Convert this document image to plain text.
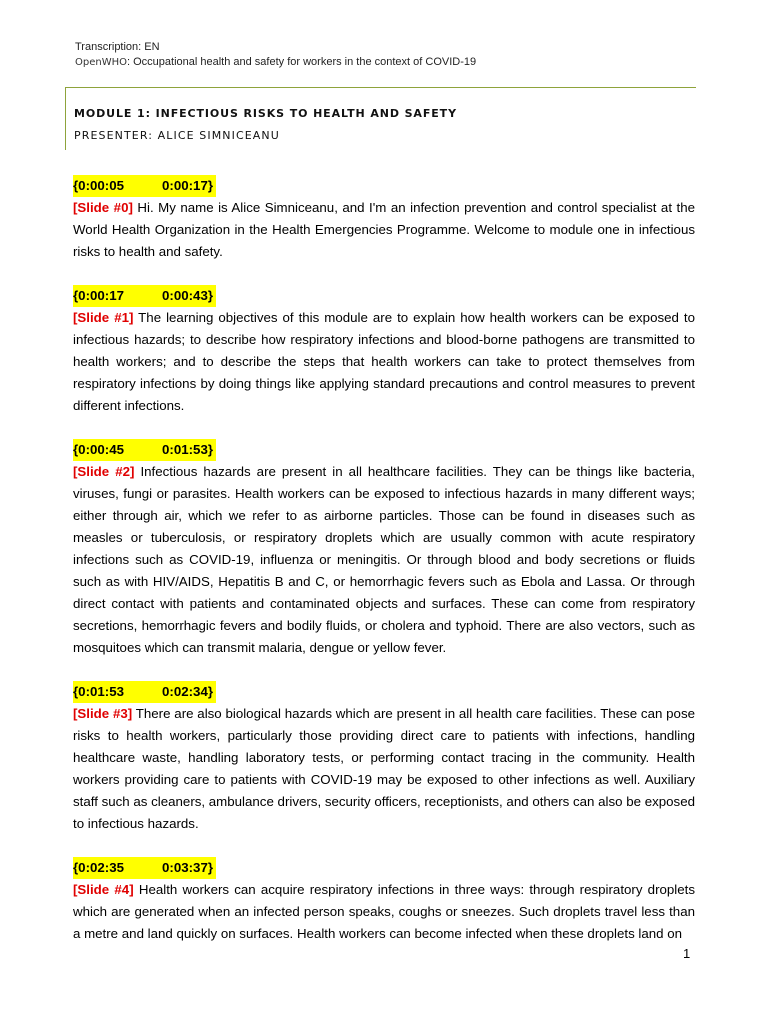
Transcription: EN
OpenWHO: Occupational health and safety for workers in the context of COVID-19
MODULE 1: INFECTIOUS RISKS TO HEALTH AND SAFETY
PRESENTER: ALICE SIMNICEANU
{0:00:05	0:00:17}
[Slide #0] Hi. My name is Alice Simniceanu, and I'm an infection prevention and control specialist at the World Health Organization in the Health Emergencies Programme. Welcome to module one in infectious risks to health and safety.
{0:00:17	0:00:43}
[Slide #1] The learning objectives of this module are to explain how health workers can be exposed to infectious hazards; to describe how respiratory infections and blood-borne pathogens are transmitted to health workers; and to describe the steps that health workers can take to protect themselves from respiratory infections by doing things like applying standard precautions and control measures to prevent different infections.
{0:00:45	0:01:53}
[Slide #2] Infectious hazards are present in all healthcare facilities. They can be things like bacteria, viruses, fungi or parasites. Health workers can be exposed to infectious hazards in many different ways; either through air, which we refer to as airborne particles. Those can be found in diseases such as measles or tuberculosis, or respiratory droplets which are usually common with acute respiratory infections such as COVID-19, influenza or meningitis. Or through blood and body secretions or fluids such as with HIV/AIDS, Hepatitis B and C, or hemorrhagic fevers such as Ebola and Lassa. Or through direct contact with patients and contaminated objects and surfaces. These can come from respiratory secretions, hemorrhagic fevers and bodily fluids, or cholera and typhoid. There are also vectors, such as mosquitoes which can transmit malaria, dengue or yellow fever.
{0:01:53	0:02:34}
[Slide #3] There are also biological hazards which are present in all health care facilities. These can pose risks to health workers, particularly those providing direct care to patients with infections, handling healthcare waste, handling laboratory tests, or performing contact tracing in the community. Health workers providing care to patients with COVID-19 may be exposed to other infections as well. Auxiliary staff such as cleaners, ambulance drivers, security officers, receptionists, and others can also be exposed to infectious hazards.
{0:02:35	0:03:37}
[Slide #4] Health workers can acquire respiratory infections in three ways: through respiratory droplets which are generated when an infected person speaks, coughs or sneezes. Such droplets travel less than a metre and land quickly on surfaces. Health workers can become infected when these droplets land on
1
